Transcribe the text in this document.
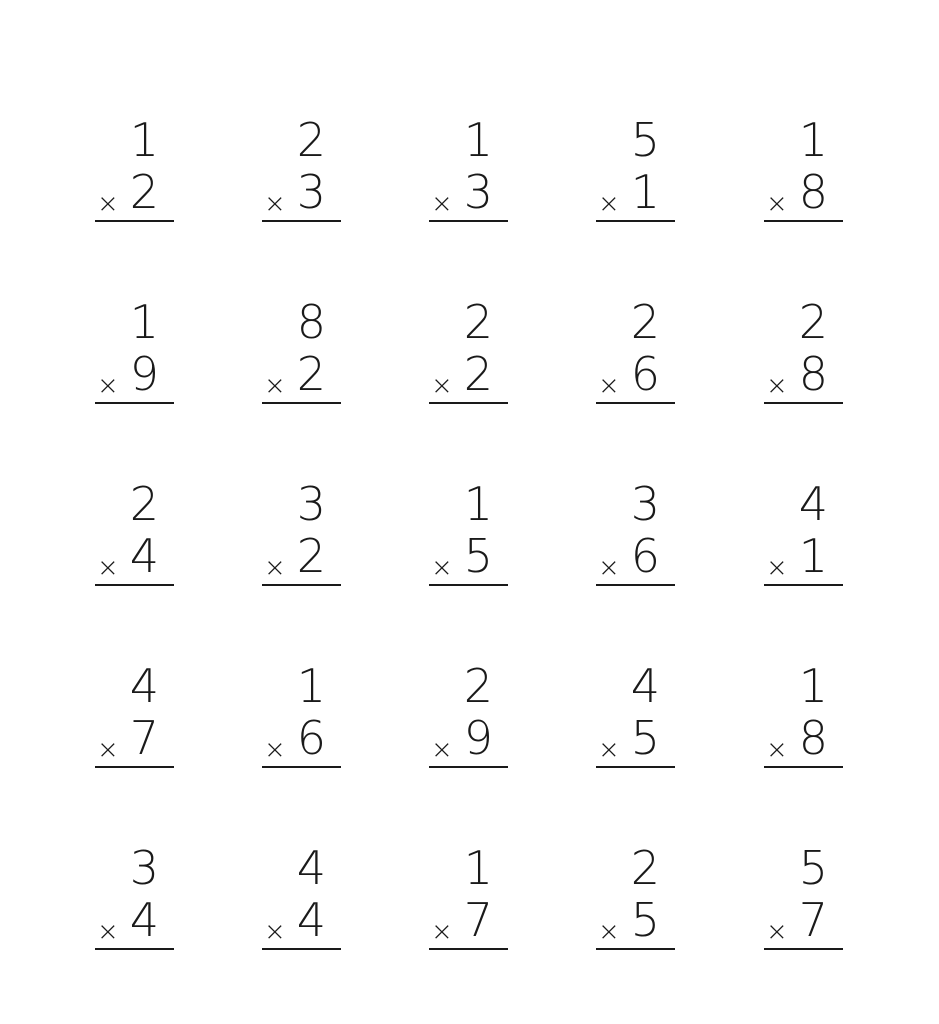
1
× 2
2
× 3
1
× 3
5
× 1
1
× 8
1
× 9
8
× 2
2
× 2
2
× 6
2
× 8
2
× 4
3
× 2
1
× 5
3
× 6
4
× 1
4
× 7
1
× 6
2
× 9
4
× 5
1
× 8
3
× 4
4
× 4
1
× 7
2
× 5
5
× 7
